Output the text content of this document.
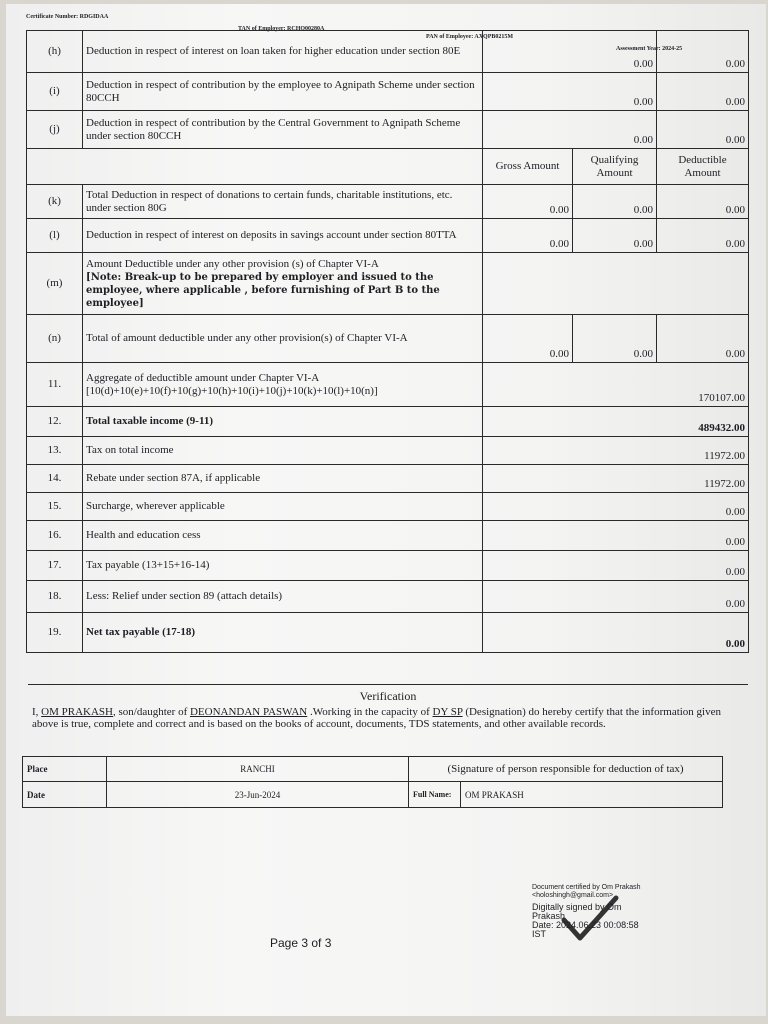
Certificate Number: RDGIDAA
TAN of Employer: RCHO00280A
PAN of Employee: AXQPB0215M
Assessment Year: 2024-25
(h)	Deduction in respect of interest on loan taken for higher education under section 80E	0.00		0.00
(i)	Deduction in respect of contribution by the employee to Agnipath Scheme under section 80CCH	0.00		0.00
(j)	Deduction in respect of contribution by the Central Government to Agnipath Scheme under section 80CCH	0.00		0.00
		Gross Amount	Qualifying Amount	Deductible Amount
(k)	Total Deduction in respect of donations to certain funds, charitable institutions, etc. under section 80G	0.00	0.00	0.00
(l)	Deduction in respect of interest on deposits in savings account under section 80TTA	0.00	0.00	0.00
(m)	Amount Deductible under any other provision (s) of Chapter VI-A
[Note: Break-up to be prepared by employer and issued to the employee, where applicable , before furnishing of Part B to the employee]			

(n)	Total of amount deductible under any other provision(s) of Chapter VI-A	0.00	0.00	0.00
11.	Aggregate of deductible amount under Chapter VI-A [10(d)+10(e)+10(f)+10(g)+10(h)+10(i)+10(j)+10(k)+10(l)+10(n)]	170107.00		
12.	Total taxable income (9-11)	489432.00		
13.	Tax on total income	11972.00		
14.	Rebate under section 87A, if applicable	11972.00		
15.	Surcharge, wherever applicable	0.00		
16.	Health and education cess	0.00		
17.	Tax payable (13+15+16-14)	0.00		
18.	Less: Relief under section 89 (attach details)	0.00		
19.	Net tax payable (17-18)	0.00		
Verification
I, OM PRAKASH, son/daughter of DEONANDAN PASWAN .Working in the capacity of DY SP (Designation) do hereby certify that the information given above is true, complete and correct and is based on the books of account, documents, TDS statements, and other available records.
Place	RANCHI	(Signature of person responsible for deduction of tax)	
Date	23-Jun-2024	Full Name:	OM PRAKASH
Page 3 of 3
Document certified by Om Prakash
<holoshingh@gmail.com>
Digitally signed by Om
Prakash
Date: 2024.06.23 00:08:58
IST
